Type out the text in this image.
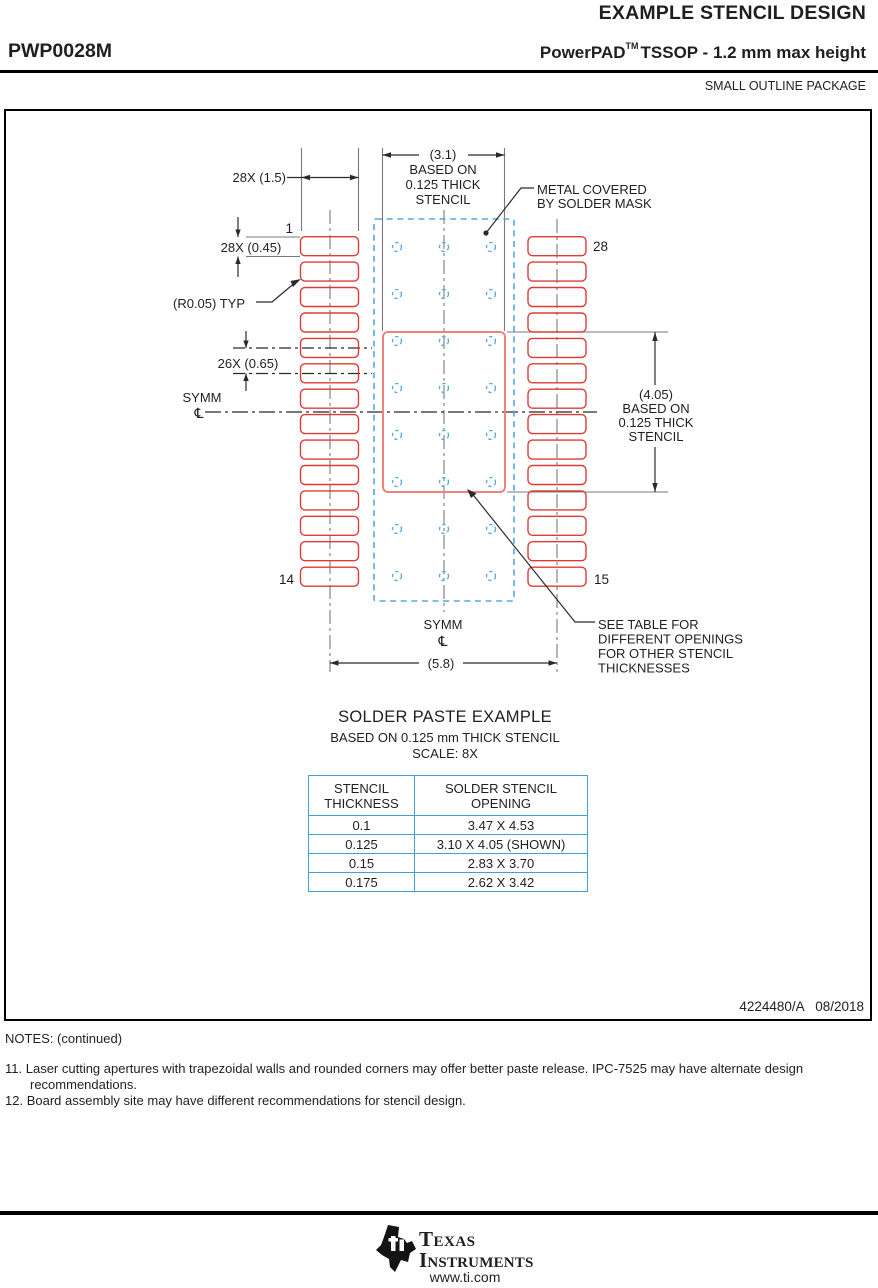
EXAMPLE STENCIL DESIGN
PWP0028M	PowerPAD™ TSSOP - 1.2 mm max height
SMALL OUTLINE PACKAGE
28X (1.5)
1
28X (0.45)
(R0.05) TYP
26X (0.65)
SYMM
℄
(3.1)
BASED ON
0.125 THICK
STENCIL
METAL COVERED
BY SOLDER MASK
28
(4.05)
BASED ON
0.125 THICK
STENCIL
14	15
SYMM
℄
(5.8)
SEE TABLE FOR
DIFFERENT OPENINGS
FOR OTHER STENCIL
THICKNESSES
SOLDER PASTE EXAMPLE
BASED ON 0.125 mm THICK STENCIL
SCALE: 8X
STENCIL
THICKNESS	SOLDER STENCIL
OPENING
0.1	3.47 X 4.53
0.125	3.10 X 4.05 (SHOWN)
0.15	2.83 X 3.70
0.175	2.62 X 3.42
4224480/A   08/2018
NOTES: (continued)

11. Laser cutting apertures with trapezoidal walls and rounded corners may offer better paste release. IPC-7525 may have alternate design recommendations.

12. Board assembly site may have different recommendations for stencil design.

Texas
Instruments
www.ti.com
